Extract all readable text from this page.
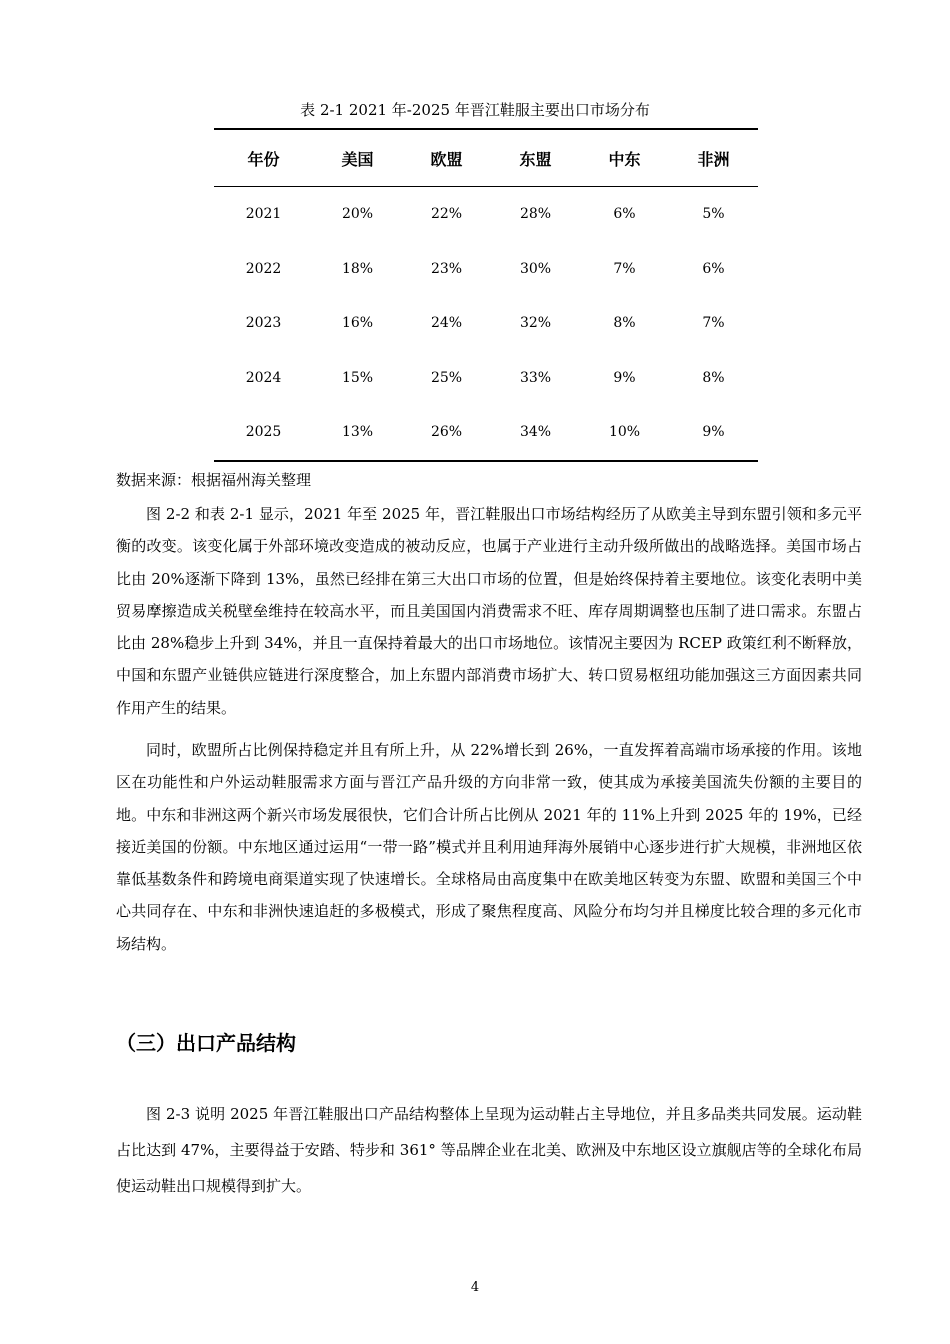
表 2-1 2021 年-2025 年晋江鞋服主要出口市场分布
年份	美国	欧盟	东盟	中东	非洲
2021	20%	22%	28%	6%	5%
2022	18%	23%	30%	7%	6%
2023	16%	24%	32%	8%	7%
2024	15%	25%	33%	9%	8%
2025	13%	26%	34%	10%	9%
数据来源：根据福州海关整理

图 2-2 和表 2-1 显示，2021 年至 2025 年，晋江鞋服出口市场结构经历了从欧美主导到东盟引领和多元平衡的改变。该变化属于外部环境改变造成的被动反应，也属于产业进行主动升级所做出的战略选择。美国市场占比由 20%逐渐下降到 13%，虽然已经排在第三大出口市场的位置，但是始终保持着主要地位。该变化表明中美贸易摩擦造成关税壁垒维持在较高水平，而且美国国内消费需求不旺、库存周期调整也压制了进口需求。东盟占比由 28%稳步上升到 34%，并且一直保持着最大的出口市场地位。该情况主要因为 RCEP 政策红利不断释放，中国和东盟产业链供应链进行深度整合，加上东盟内部消费市场扩大、转口贸易枢纽功能加强这三方面因素共同作用产生的结果。

同时，欧盟所占比例保持稳定并且有所上升，从 22%增长到 26%，一直发挥着高端市场承接的作用。该地区在功能性和户外运动鞋服需求方面与晋江产品升级的方向非常一致，使其成为承接美国流失份额的主要目的地。中东和非洲这两个新兴市场发展很快，它们合计所占比例从 2021 年的 11%上升到 2025 年的 19%，已经接近美国的份额。中东地区通过运用“一带一路”模式并且利用迪拜海外展销中心逐步进行扩大规模，非洲地区依靠低基数条件和跨境电商渠道实现了快速增长。全球格局由高度集中在欧美地区转变为东盟、欧盟和美国三个中心共同存在、中东和非洲快速追赶的多极模式，形成了聚焦程度高、风险分布均匀并且梯度比较合理的多元化市场结构。

（三）出口产品结构

图 2-3 说明 2025 年晋江鞋服出口产品结构整体上呈现为运动鞋占主导地位，并且多品类共同发展。运动鞋占比达到 47%，主要得益于安踏、特步和 361° 等品牌企业在北美、欧洲及中东地区设立旗舰店等的全球化布局使运动鞋出口规模得到扩大。

4
